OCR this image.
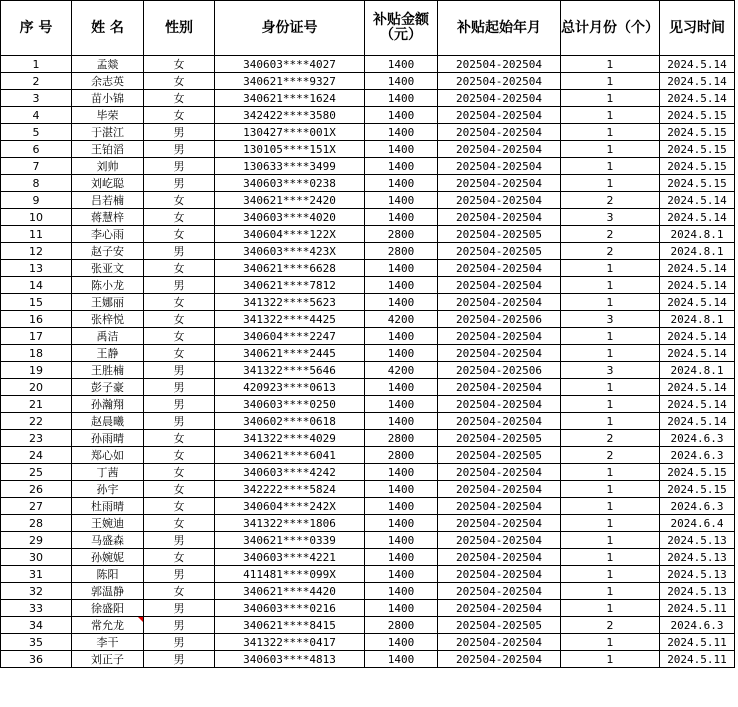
序 号	姓 名	性别	身份证号	补贴金额（元）	补贴起始年月	总计月份（个）	见习时间
1	孟燚	女	340603****4027	1400	202504-202504	1	2024.5.14
2	余志英	女	340621****9327	1400	202504-202504	1	2024.5.14
3	苗小锦	女	340621****1624	1400	202504-202504	1	2024.5.14
4	毕荣	女	342422****3580	1400	202504-202504	1	2024.5.15
5	于湛江	男	130427****001X	1400	202504-202504	1	2024.5.15
6	王铂滔	男	130105****151X	1400	202504-202504	1	2024.5.15
7	刘帅	男	130633****3499	1400	202504-202504	1	2024.5.15
8	刘屹聪	男	340603****0238	1400	202504-202504	1	2024.5.15
9	吕若楠	女	340621****2420	1400	202504-202504	2	2024.5.14
10	蒋慧梓	女	340603****4020	1400	202504-202504	3	2024.5.14
11	李心雨	女	340604****122X	2800	202504-202505	2	2024.8.1
12	赵子安	男	340603****423X	2800	202504-202505	2	2024.8.1
13	张亚文	女	340621****6628	1400	202504-202504	1	2024.5.14
14	陈小龙	男	340621****7812	1400	202504-202504	1	2024.5.14
15	王娜丽	女	341322****5623	1400	202504-202504	1	2024.5.14
16	张梓悦	女	341322****4425	4200	202504-202506	3	2024.8.1
17	禹洁	女	340604****2247	1400	202504-202504	1	2024.5.14
18	王静	女	340621****2445	1400	202504-202504	1	2024.5.14
19	王胜楠	男	341322****5646	4200	202504-202506	3	2024.8.1
20	彭子豪	男	420923****0613	1400	202504-202504	1	2024.5.14
21	孙瀚翔	男	340603****0250	1400	202504-202504	1	2024.5.14
22	赵晨曦	男	340602****0618	1400	202504-202504	1	2024.5.14
23	孙雨晴	女	341322****4029	2800	202504-202505	2	2024.6.3
24	郑心如	女	340621****6041	2800	202504-202505	2	2024.6.3
25	丁茜	女	340603****4242	1400	202504-202504	1	2024.5.15
26	孙宇	女	342222****5824	1400	202504-202504	1	2024.5.15
27	杜雨晴	女	340604****242X	1400	202504-202504	1	2024.6.3
28	王婉迪	女	341322****1806	1400	202504-202504	1	2024.6.4
29	马盛森	男	340621****0339	1400	202504-202504	1	2024.5.13
30	孙婉妮	女	340603****4221	1400	202504-202504	1	2024.5.13
31	陈阳	男	411481****099X	1400	202504-202504	1	2024.5.13
32	郭温静	女	340621****4420	1400	202504-202504	1	2024.5.13
33	徐盛阳	男	340603****0216	1400	202504-202504	1	2024.5.11
34	常允龙	男	340621****8415	2800	202504-202505	2	2024.6.3
35	李干	男	341322****0417	1400	202504-202504	1	2024.5.11
36	刘正子	男	340603****4813	1400	202504-202504	1	2024.5.11
